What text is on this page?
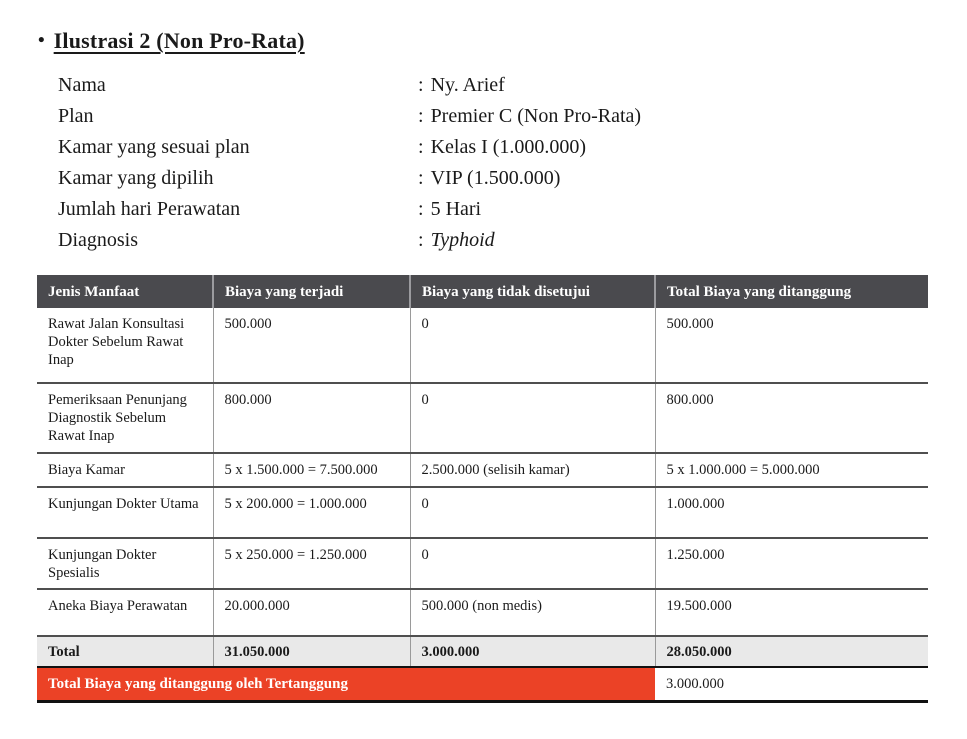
• Ilustrasi 2 (Non Pro-Rata)
Nama	: Ny. Arief
Plan	: Premier C (Non Pro-Rata)
Kamar yang sesuai plan	: Kelas I (1.000.000)
Kamar yang dipilih	: VIP (1.500.000)
Jumlah hari Perawatan	: 5 Hari
Diagnosis	: Typhoid
Jenis Manfaat	Biaya yang terjadi	Biaya yang tidak disetujui	Total Biaya yang ditanggung
Rawat Jalan Konsultasi Dokter Sebelum Rawat Inap	500.000	0	500.000
Pemeriksaan Penunjang Diagnostik Sebelum Rawat Inap	800.000	0	800.000
Biaya Kamar	5 x 1.500.000 = 7.500.000	2.500.000 (selisih kamar)	5 x 1.000.000 = 5.000.000
Kunjungan Dokter Utama	5 x 200.000 = 1.000.000	0	1.000.000
Kunjungan Dokter Spesialis	5 x 250.000 = 1.250.000	0	1.250.000
Aneka Biaya Perawatan	20.000.000	500.000 (non medis)	19.500.000
Total	31.050.000	3.000.000	28.050.000
Total Biaya yang ditanggung oleh Tertanggung			3.000.000
